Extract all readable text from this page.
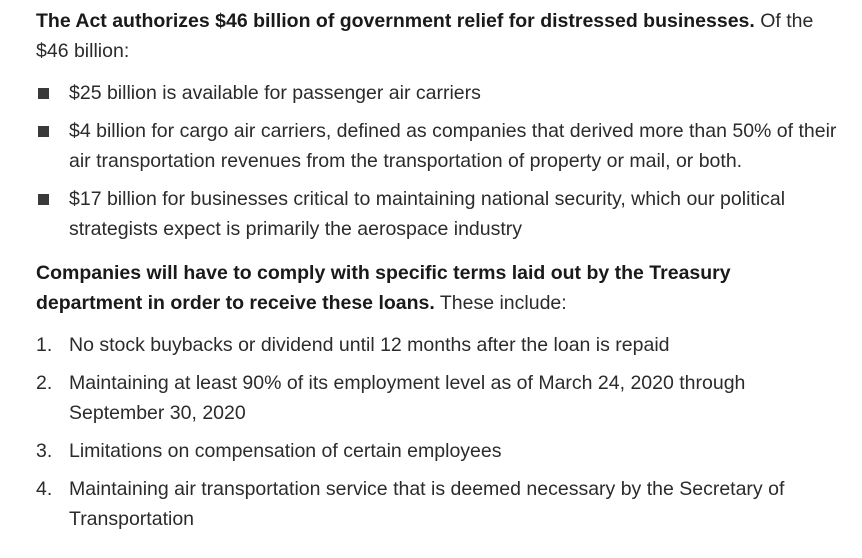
The Act authorizes $46 billion of government relief for distressed businesses. Of the $46 billion:

$25 billion is available for passenger air carriers
$4 billion for cargo air carriers, defined as companies that derived more than 50% of their air transportation revenues from the transportation of property or mail, or both.
$17 billion for businesses critical to maintaining national security, which our political strategists expect is primarily the aerospace industry

Companies will have to comply with specific terms laid out by the Treasury department in order to receive these loans. These include:

1. No stock buybacks or dividend until 12 months after the loan is repaid
2. Maintaining at least 90% of its employment level as of March 24, 2020 through September 30, 2020
3. Limitations on compensation of certain employees
4. Maintaining air transportation service that is deemed necessary by the Secretary of Transportation
